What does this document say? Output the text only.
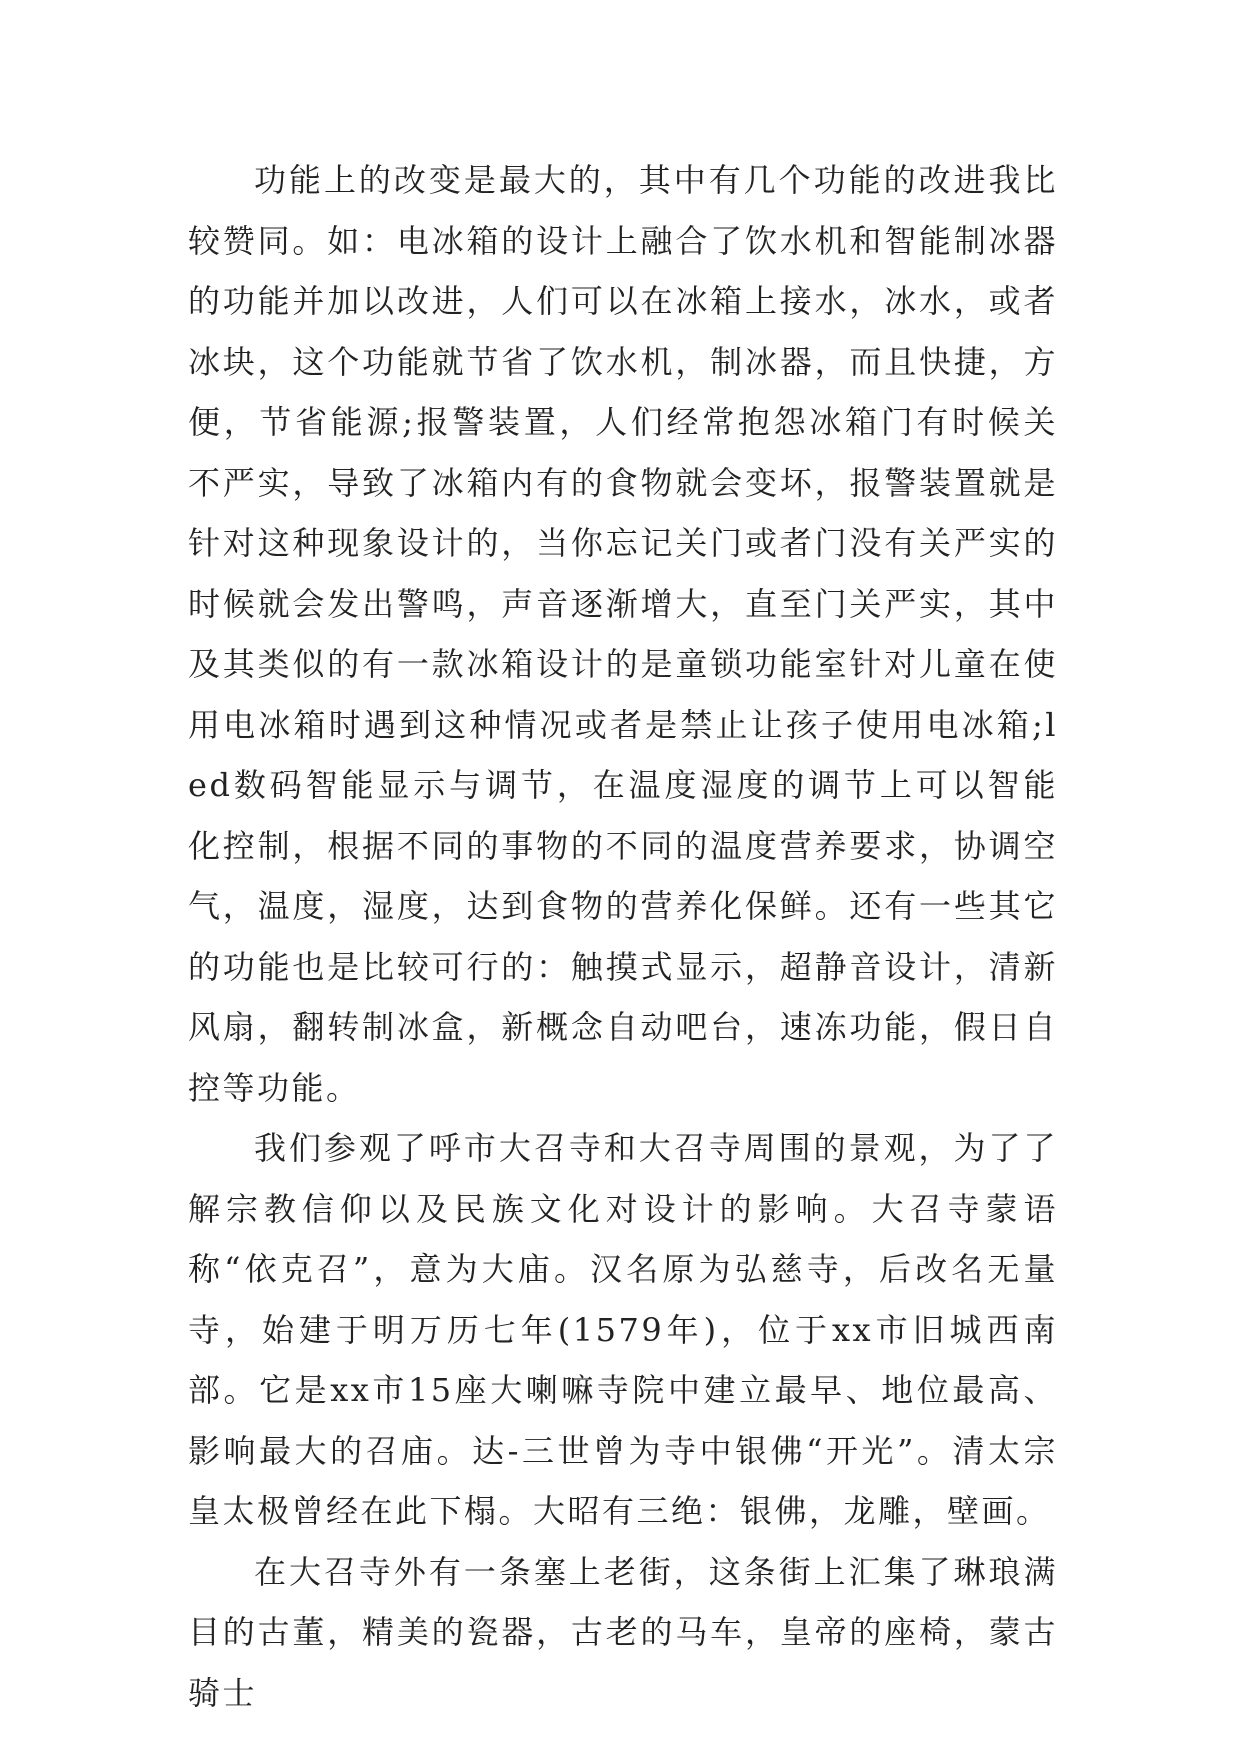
功能上的改变是最大的，其中有几个功能的改进我比较赞同。如：电冰箱的设计上融合了饮水机和智能制冰器的功能并加以改进，人们可以在冰箱上接水，冰水，或者冰块，这个功能就节省了饮水机，制冰器，而且快捷，方便，节省能源;报警装置，人们经常抱怨冰箱门有时候关不严实，导致了冰箱内有的食物就会变坏，报警装置就是针对这种现象设计的，当你忘记关门或者门没有关严实的时候就会发出警鸣，声音逐渐增大，直至门关严实，其中及其类似的有一款冰箱设计的是童锁功能室针对儿童在使用电冰箱时遇到这种情况或者是禁止让孩子使用电冰箱;led数码智能显示与调节，在温度湿度的调节上可以智能化控制，根据不同的事物的不同的温度营养要求，协调空气，温度，湿度，达到食物的营养化保鲜。还有一些其它的功能也是比较可行的：触摸式显示，超静音设计，清新风扇，翻转制冰盒，新概念自动吧台，速冻功能，假日自控等功能。

我们参观了呼市大召寺和大召寺周围的景观，为了了解宗教信仰以及民族文化对设计的影响。大召寺蒙语称“依克召”，意为大庙。汉名原为弘慈寺，后改名无量寺，始建于明万历七年(1579年)，位于xx市旧城西南部。它是xx市15座大喇嘛寺院中建立最早、地位最高、影响最大的召庙。达-三世曾为寺中银佛“开光”。清太宗皇太极曾经在此下榻。大昭有三绝：银佛，龙雕，壁画。

在大召寺外有一条塞上老街，这条街上汇集了琳琅满目的古董，精美的瓷器，古老的马车，皇帝的座椅，蒙古骑士
